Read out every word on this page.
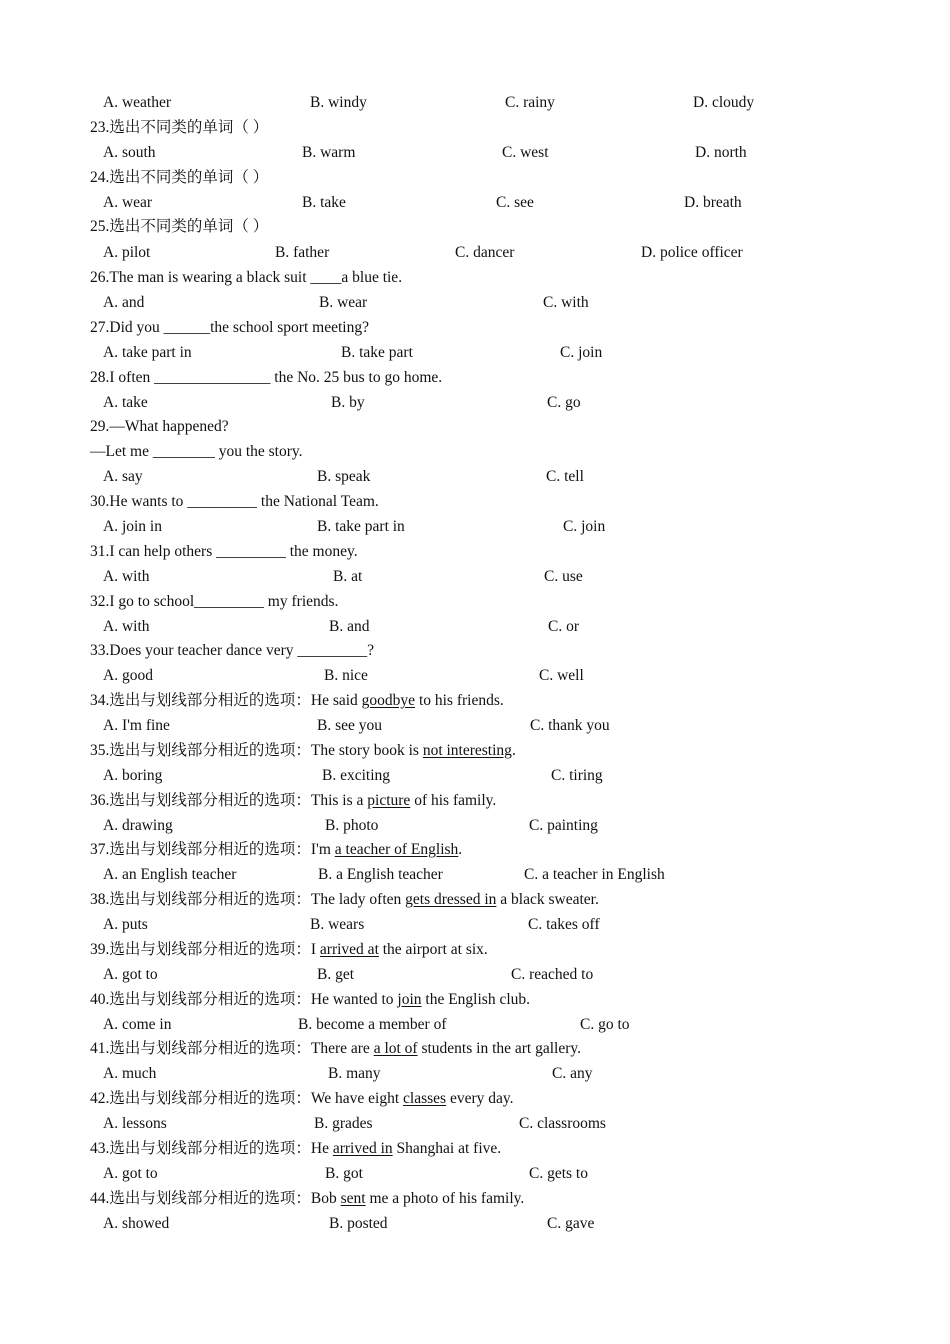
A. weather	B. windy	C. rainy	D. cloudy
23.选出不同类的单词（ ）
A. south	B. warm	C. west	D. north
24.选出不同类的单词（ ）
A. wear	B. take	C. see	D. breath
25.选出不同类的单词（ ）
A. pilot	B. father	C. dancer	D. police officer
26.The man is wearing a black suit ____a blue tie.
A. and	B. wear	C. with
27.Did you ______the school sport meeting?
A. take part in	B. take part	C. join
28.I often _______________ the No. 25 bus to go home.
A. take	B. by	C. go
29.—What happened?
—Let me ________ you the story.
A. say	B. speak	C. tell
30.He wants to _________ the National Team.
A. join in	B. take part in	C. join
31.I can help others _________ the money.
A. with	B. at	C. use
32.I go to school_________ my friends.
A. with	B. and	C. or
33.Does your teacher dance very _________?
A. good	B. nice	C. well
34.选出与划线部分相近的选项：He said goodbye to his friends.
A. I'm fine	B. see you	C. thank you
35.选出与划线部分相近的选项：The story book is not interesting.
A. boring	B. exciting	C. tiring
36.选出与划线部分相近的选项：This is a picture of his family.
A. drawing	B. photo	C. painting
37.选出与划线部分相近的选项：I'm a teacher of English.
A. an English teacher	B. a English teacher	C. a teacher in English
38.选出与划线部分相近的选项：The lady often gets dressed in a black sweater.
A. puts	B. wears	C. takes off
39.选出与划线部分相近的选项：I arrived at the airport at six.
A. got to	B. get	C. reached to
40.选出与划线部分相近的选项：He wanted to join the English club.
A. come in	B. become a member of	C. go to
41.选出与划线部分相近的选项：There are a lot of students in the art gallery.
A. much	B. many	C. any
42.选出与划线部分相近的选项：We have eight classes every day.
A. lessons	B. grades	C. classrooms
43.选出与划线部分相近的选项：He arrived in Shanghai at five.
A. got to	B. got	C. gets to
44.选出与划线部分相近的选项：Bob sent me a photo of his family.
A. showed	B. posted	C. gave
